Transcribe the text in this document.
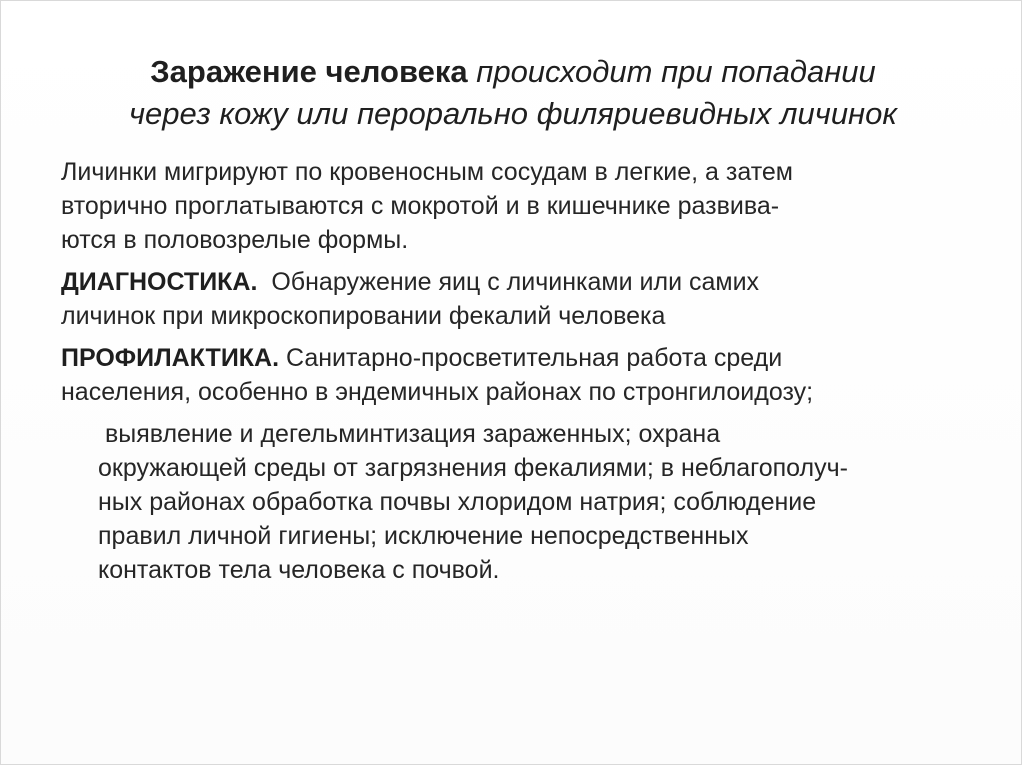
Заражение человека происходит при попадании
через кожу или перорально филяриевидных личинок
Личинки мигрируют по кровеносным сосудам в легкие, а затем
вторично проглатываются с мокротой и в кишечнике развива-
ются в половозрелые формы.
ДИАГНОСТИКА. Обнаружение яиц с личинками или самих
личинок при микроскопировании фекалий человека
ПРОФИЛАКТИКА. Санитарно-просветительная работа среди
населения, особенно в эндемичных районах по стронгилоидозу;
выявление и дегельминтизация зараженных; охрана
окружающей среды от загрязнения фекалиями; в неблагополуч-
ных районах обработка почвы хлоридом натрия; соблюдение
правил личной гигиены; исключение непосредственных
контактов тела человека с почвой.
